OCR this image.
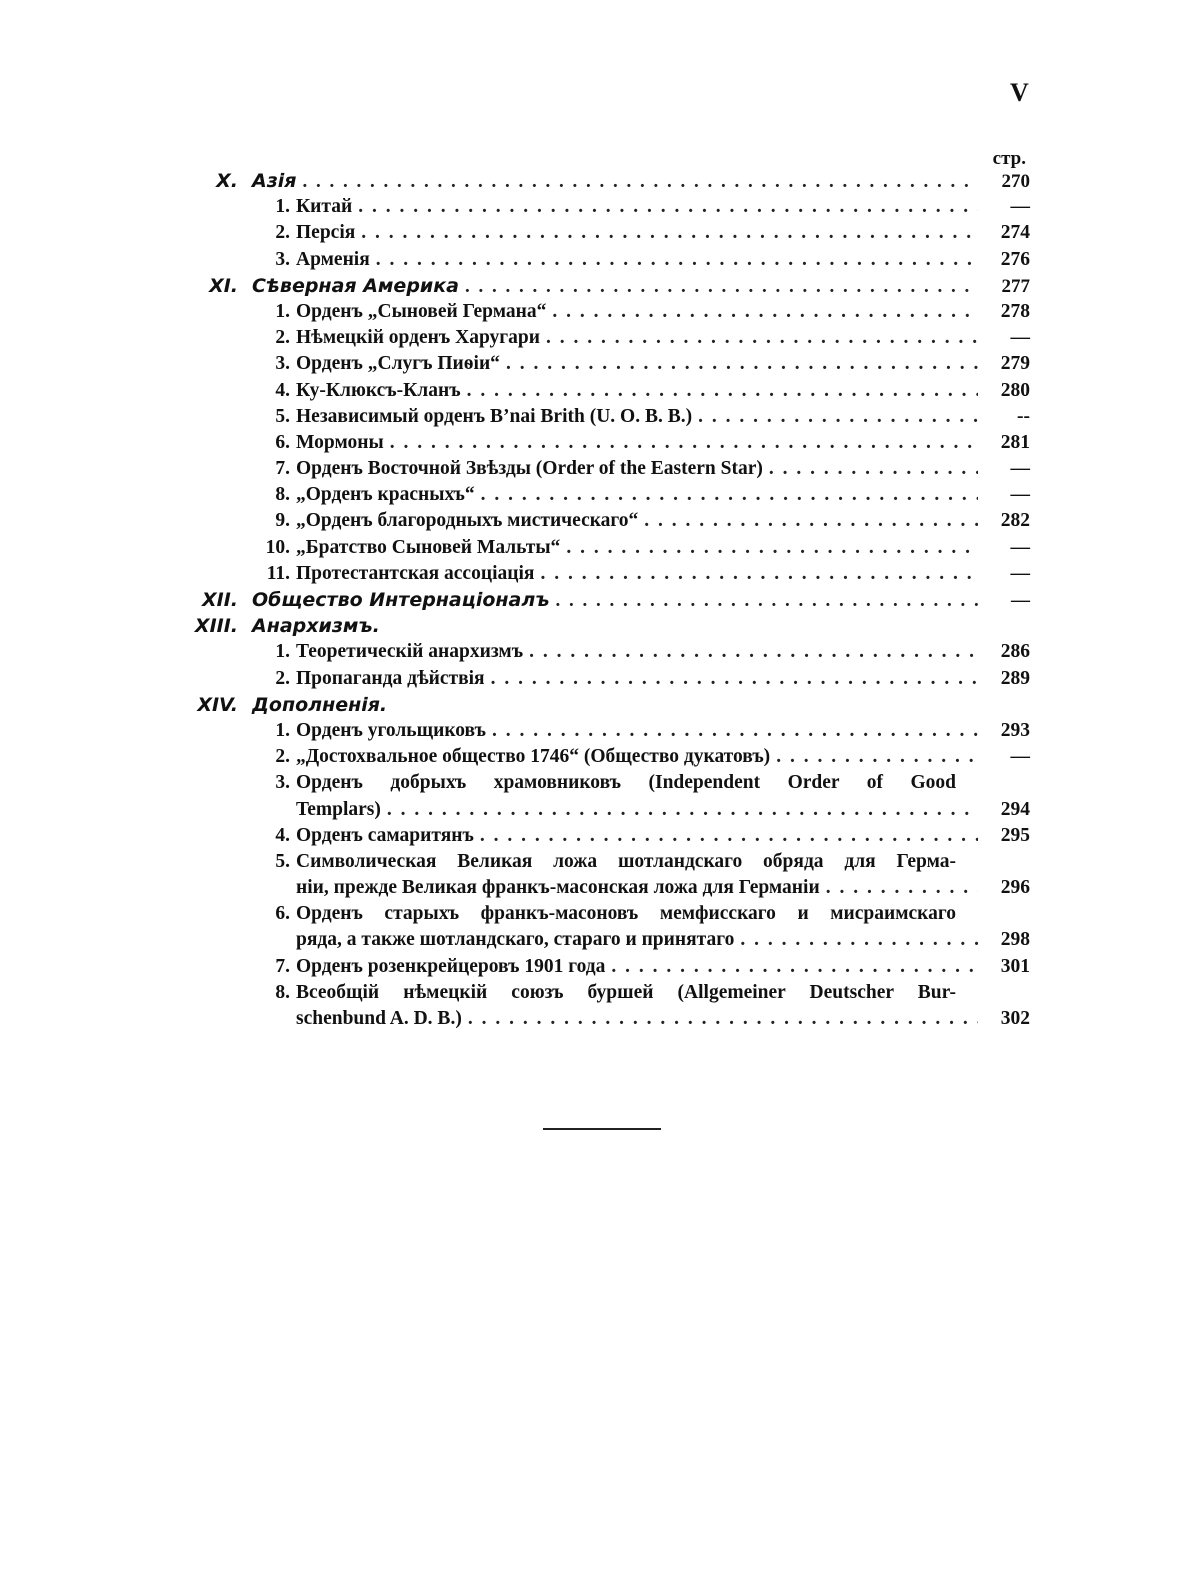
V
стр.
X. Азія . . .	270
1. Китай . . .	—
2. Персія . . .	274
3. Арменія . . .	276
XI. Сѣверная Америка . . .	277
1. Орденъ „Сыновей Германа“ . . .	278
2. Нѣмецкій орденъ Харугари . . .	—
3. Орденъ „Слугъ Пиѳіи“ . . .	279
4. Ку-Клюксъ-Кланъ . . .	280
5. Независимый орденъ B’nai Brith (U. O. B. B.) . . .	--
6. Мормоны . . .	281
7. Орденъ Восточной Звѣзды (Order of the Eastern Star) . . .	—
8. „Орденъ красныхъ“ . . .	—
9. „Орденъ благородныхъ мистическаго“ . . .	282
10. „Братство Сыновей Мальты“ . . .	—
11. Протестантская ассоціація . . .	—
XII. Общество Интернаціоналъ . . .	—
XIII. Анархизмъ.
1. Теоретическій анархизмъ . . .	286
2. Пропаганда дѣйствія . . .	289
XIV. Дополненія.
1. Орденъ угольщиковъ . . .	293
2. „Достохвальное общество 1746“ (Общество дукатовъ) . . .	—
3. Орденъ добрыхъ храмовниковъ (Independent Order of Good
Templars) . . .	294
4. Орденъ самаритянъ . . .	295
5. Символическая Великая ложа шотландскаго обряда для Герма-
ніи, прежде Великая франкъ-масонская ложа для Германіи . . .	296
6. Орденъ старыхъ франкъ-масоновъ мемфисскаго и мисраимскаго
ряда, а также шотландскаго, стараго и принятаго . . .	298
7. Орденъ розенкрейцеровъ 1901 года . . .	301
8. Всеобщій нѣмецкій союзъ буршей (Allgemeiner Deutscher Bur-
schenbund A. D. B.) . . .	302
